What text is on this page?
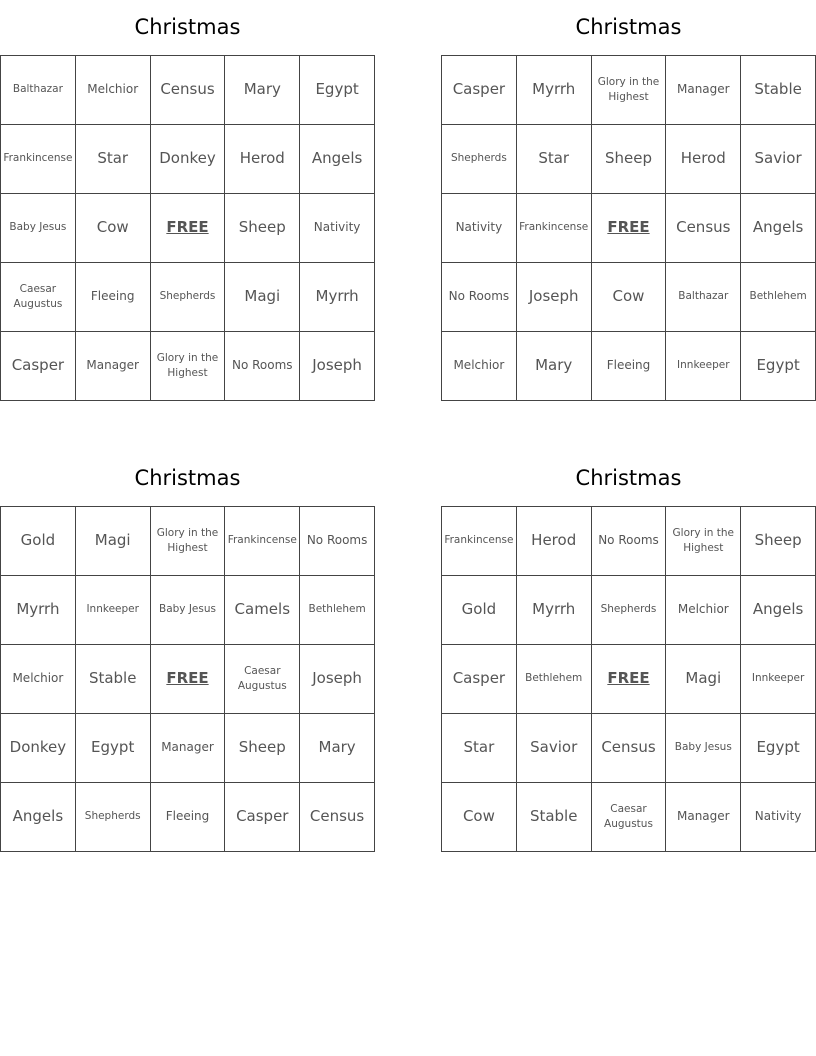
Christmas
Balthazar	Melchior	Census	Mary	Egypt
Frankincense	Star	Donkey	Herod	Angels
Baby Jesus	Cow	FREE	Sheep	Nativity
Caesar Augustus	Fleeing	Shepherds	Magi	Myrrh
Casper	Manager	Glory in the Highest	No Rooms	Joseph
Christmas
Casper	Myrrh	Glory in the Highest	Manager	Stable
Shepherds	Star	Sheep	Herod	Savior
Nativity	Frankincense	FREE	Census	Angels
No Rooms	Joseph	Cow	Balthazar	Bethlehem
Melchior	Mary	Fleeing	Innkeeper	Egypt
Christmas
Gold	Magi	Glory in the Highest	Frankincense	No Rooms
Myrrh	Innkeeper	Baby Jesus	Camels	Bethlehem
Melchior	Stable	FREE	Caesar Augustus	Joseph
Donkey	Egypt	Manager	Sheep	Mary
Angels	Shepherds	Fleeing	Casper	Census
Christmas
Frankincense	Herod	No Rooms	Glory in the Highest	Sheep
Gold	Myrrh	Shepherds	Melchior	Angels
Casper	Bethlehem	FREE	Magi	Innkeeper
Star	Savior	Census	Baby Jesus	Egypt
Cow	Stable	Caesar Augustus	Manager	Nativity
